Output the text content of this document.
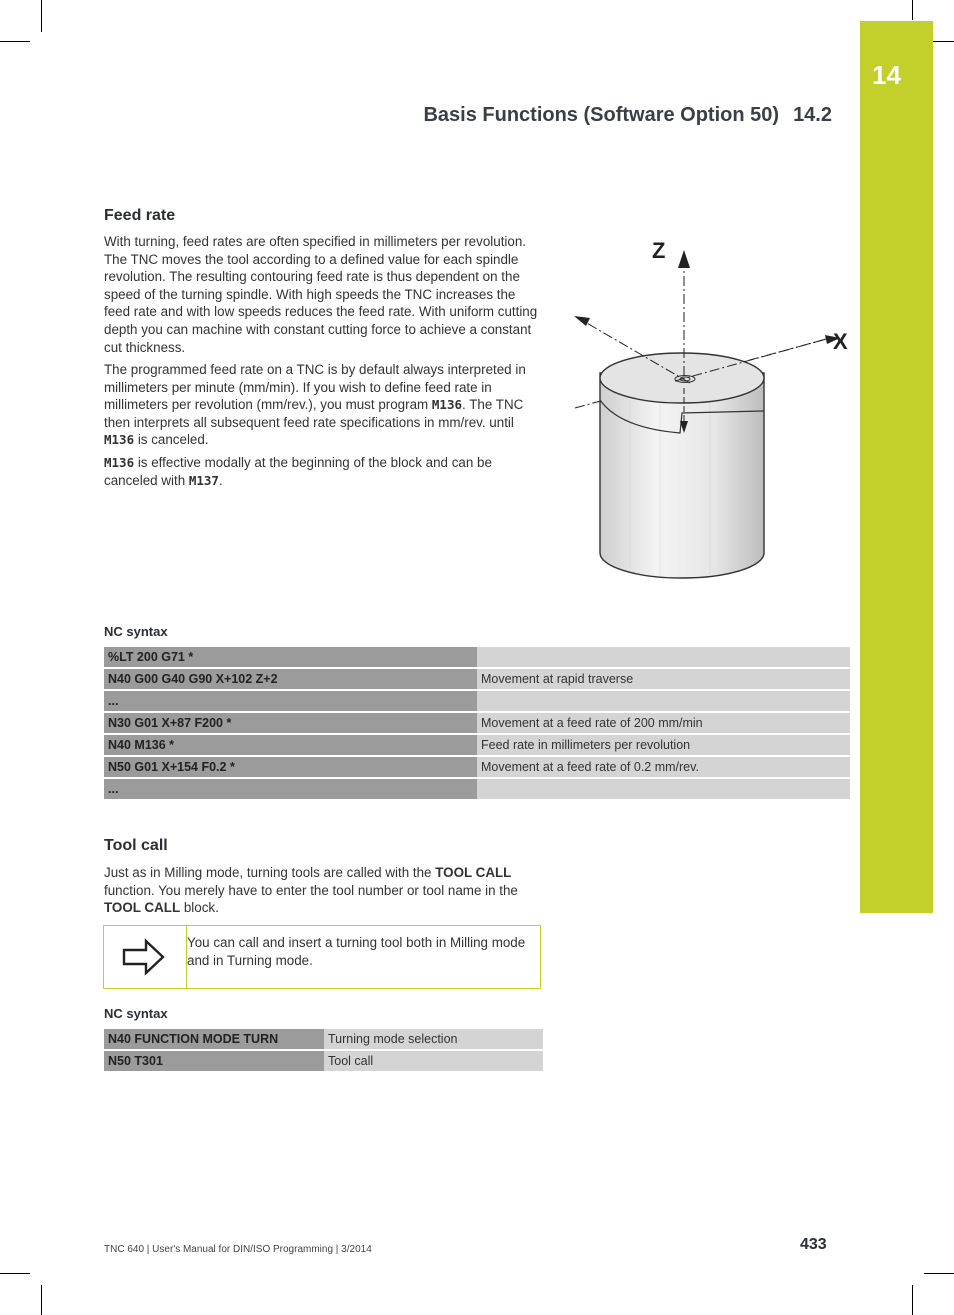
14
Basis Functions (Software Option 50) 14.2
Feed rate

With turning, feed rates are often specified in millimeters per revolution. The TNC moves the tool according to a defined value for each spindle revolution. The resulting contouring feed rate is thus dependent on the speed of the turning spindle. With high speeds the TNC increases the feed rate and with low speeds reduces the feed rate. With uniform cutting depth you can machine with constant cutting force to achieve a constant cut thickness.

The programmed feed rate on a TNC is by default always interpreted in millimeters per minute (mm/min). If you wish to define feed rate in millimeters per revolution (mm/rev.), you must program M136. The TNC then interprets all subsequent feed rate specifications in mm/rev. until M136 is canceled.

M136 is effective modally at the beginning of the block and can be canceled with M137.

Z
X
NC syntax
%LT 200 G71 *	
N40 G00 G40 G90 X+102 Z+2	Movement at rapid traverse
...	
N30 G01 X+87 F200 *	Movement at a feed rate of 200 mm/min
N40 M136 *	Feed rate in millimeters per revolution
N50 G01 X+154 F0.2 *	Movement at a feed rate of 0.2 mm/rev.
...	
Tool call

Just as in Milling mode, turning tools are called with the TOOL CALL function. You merely have to enter the tool number or tool name in the TOOL CALL block.

You can call and insert a turning tool both in Milling mode and in Turning mode.
NC syntax
N40 FUNCTION MODE TURN	Turning mode selection
N50 T301	Tool call
TNC 640 | User's Manual for DIN/ISO Programming | 3/2014	433
